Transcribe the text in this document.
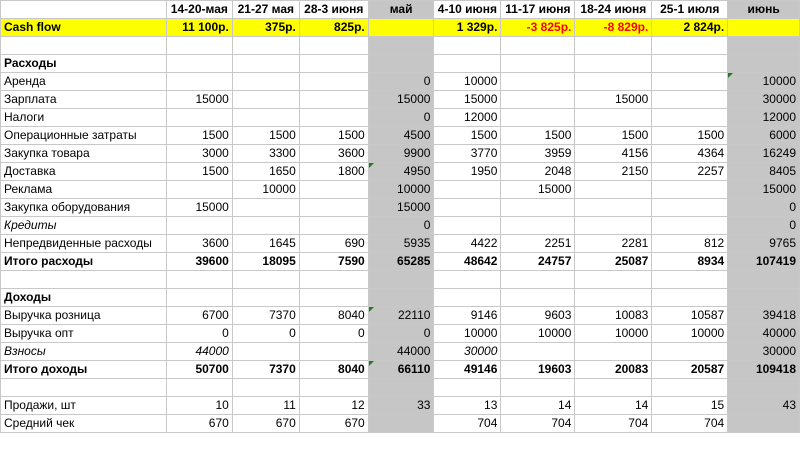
	14-20-мая	21-27 мая	28-3 июня	май	4-10 июня	11-17 июня	18-24 июня	25-1 июля	июнь
Cash flow	11 100р.	375р.	825р.		1 329р.	-3 825р.	-8 829р.	2 824р.	

Расходы									
Аренда				0	10000				10000
Зарплата	15000			15000	15000		15000		30000
Налоги				0	12000				12000
Операционные затраты	1500	1500	1500	4500	1500	1500	1500	1500	6000
Закупка товара	3000	3300	3600	9900	3770	3959	4156	4364	16249
Доставка	1500	1650	1800	4950	1950	2048	2150	2257	8405
Реклама		10000		10000		15000			15000
Закупка оборудования	15000			15000					0
Кредиты				0					0
Непредвиденные расходы	3600	1645	690	5935	4422	2251	2281	812	9765
Итого расходы	39600	18095	7590	65285	48642	24757	25087	8934	107419

Доходы									
Выручка розница	6700	7370	8040	22110	9146	9603	10083	10587	39418
Выручка опт	0	0	0	0	10000	10000	10000	10000	40000
Взносы	44000			44000	30000				30000
Итого доходы	50700	7370	8040	66110	49146	19603	20083	20587	109418

Продажи, шт	10	11	12	33	13	14	14	15	43
Средний чек	670	670	670		704	704	704	704	
